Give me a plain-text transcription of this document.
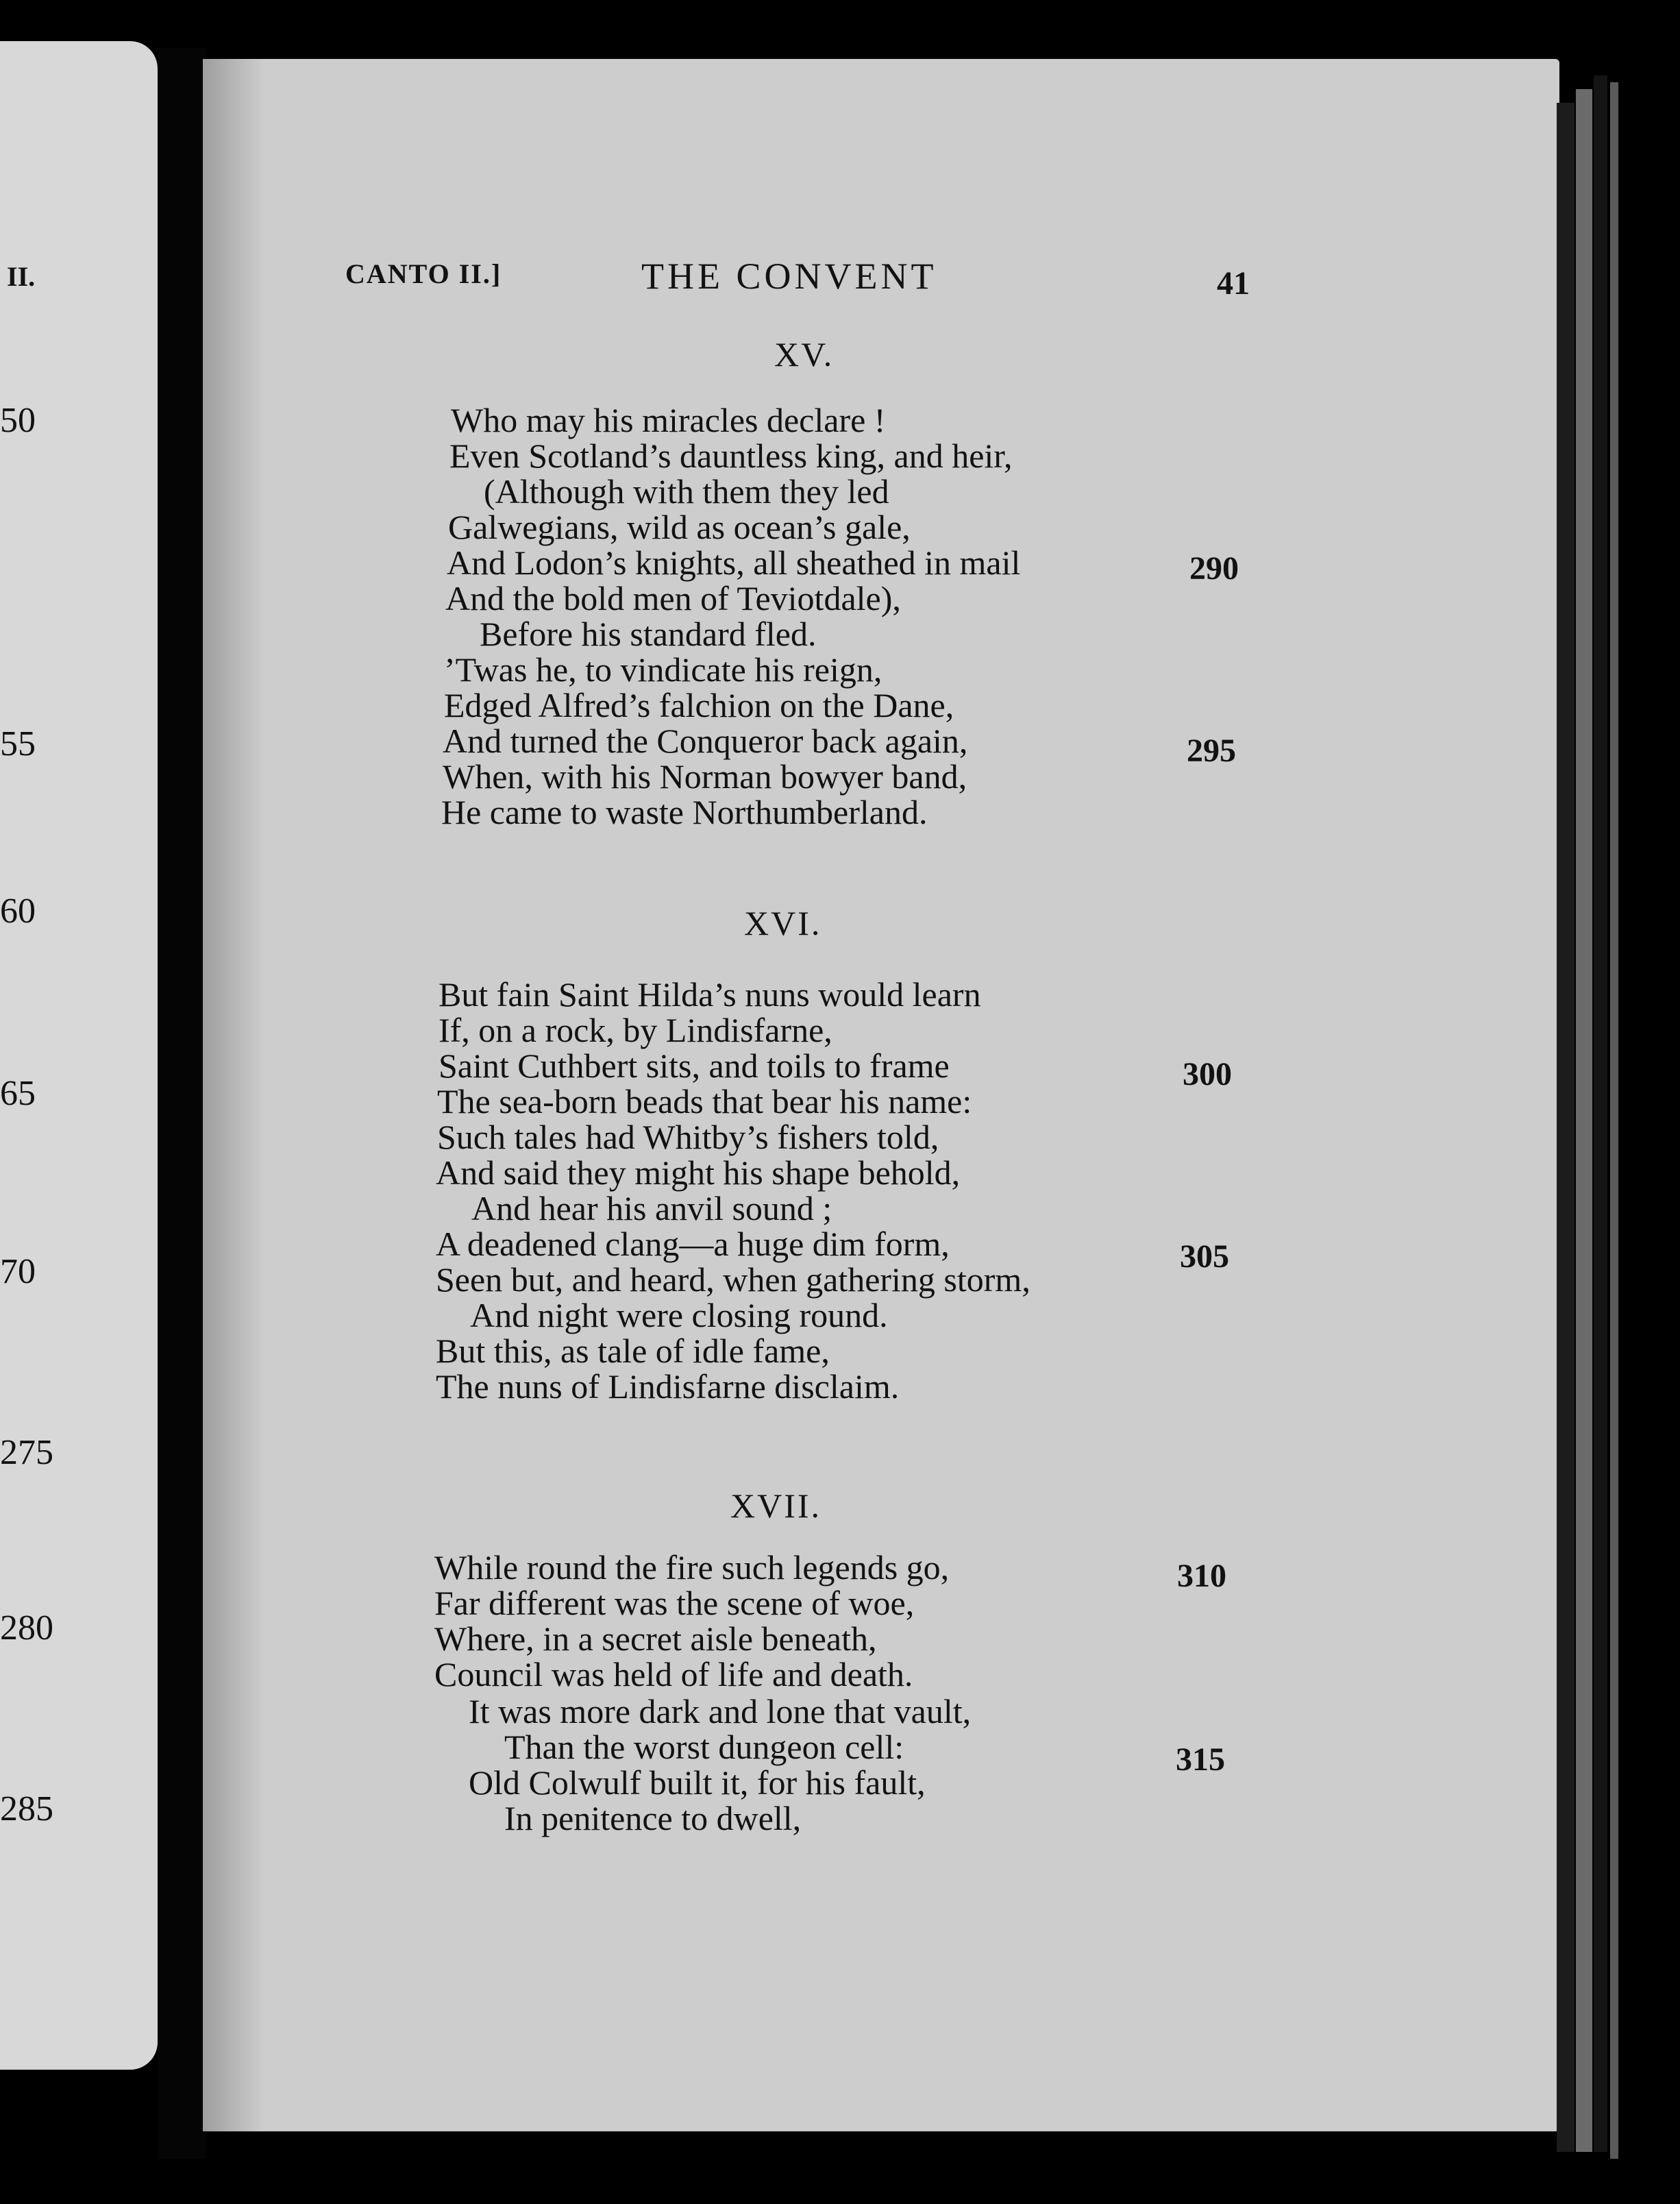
II.
50
55
60
65
70
275
280
285
CANTO II.]	THE CONVENT	41
XV.
Who may his miracles declare !
Even Scotland’s dauntless king, and heir,
(Although with them they led
Galwegians, wild as ocean’s gale,
And Lodon’s knights, all sheathed in mail
And the bold men of Teviotdale),
Before his standard fled.
’Twas he, to vindicate his reign,
Edged Alfred’s falchion on the Dane,
And turned the Conqueror back again,
When, with his Norman bowyer band,
He came to waste Northumberland.
XVI.
But fain Saint Hilda’s nuns would learn
If, on a rock, by Lindisfarne,
Saint Cuthbert sits, and toils to frame
The sea-born beads that bear his name:
Such tales had Whitby’s fishers told,
And said they might his shape behold,
And hear his anvil sound ;
A deadened clang—a huge dim form,
Seen but, and heard, when gathering storm,
And night were closing round.
But this, as tale of idle fame,
The nuns of Lindisfarne disclaim.
XVII.
While round the fire such legends go,
Far different was the scene of woe,
Where, in a secret aisle beneath,
Council was held of life and death.
It was more dark and lone that vault,
Than the worst dungeon cell:
Old Colwulf built it, for his fault,
In penitence to dwell,
290
295
300
305
310
315
